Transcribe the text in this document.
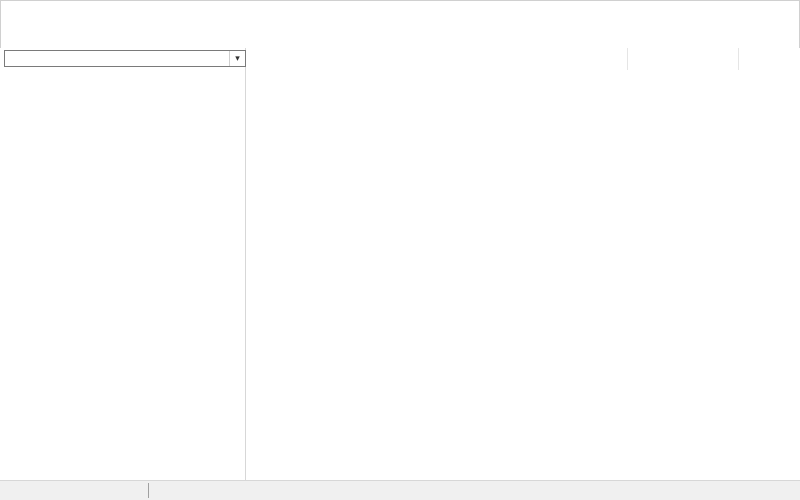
▾
